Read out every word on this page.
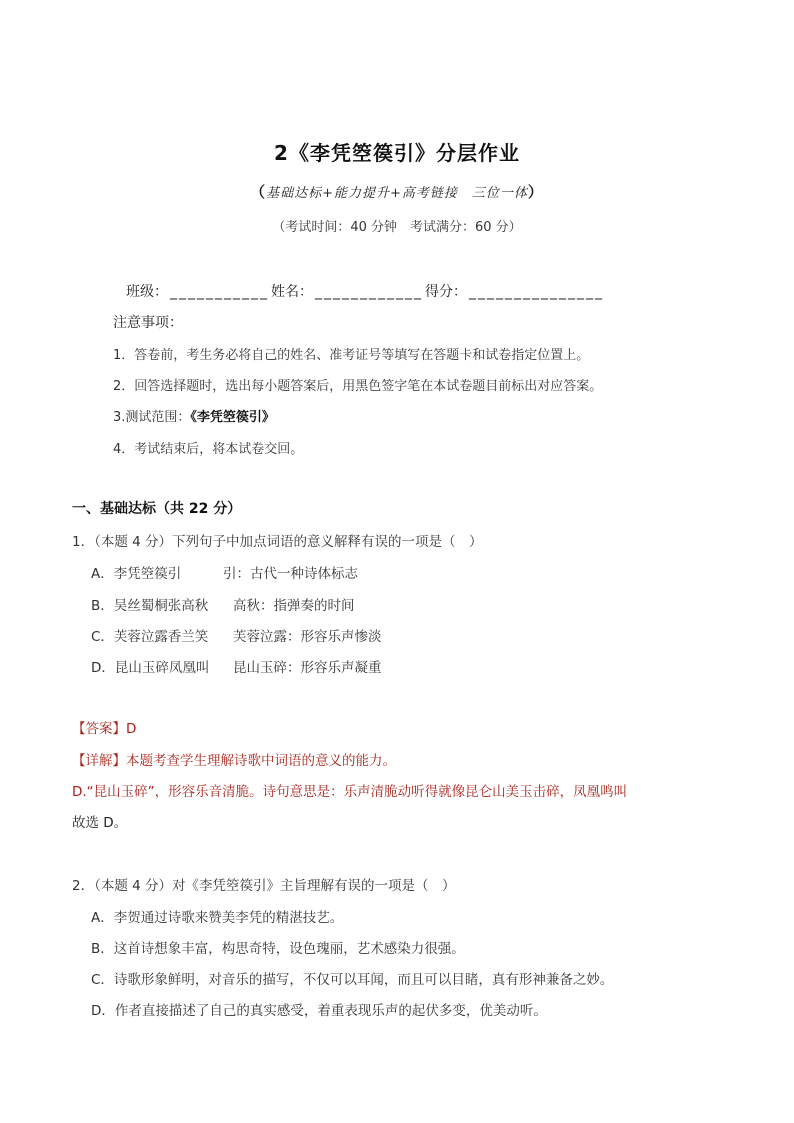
2《李凭箜篌引》分层作业
（基础达标+能力提升+高考链接　三位一体）
（考试时间：40 分钟　考试满分：60 分）
班级： ___________ 姓名： ____________ 得分： _______________
注意事项：
1．答卷前，考生务必将自己的姓名、准考证号等填写在答题卡和试卷指定位置上。
2．回答选择题时，选出每小题答案后，用黑色签字笔在本试卷题目前标出对应答案。
3.测试范围：《李凭箜篌引》
4．考试结束后，将本试卷交回。
一、基础达标（共 22 分）
1．（本题 4 分）下列句子中加点词语的意义解释有误的一项是（　）
A．李凭箜篌引	引：古代一种诗体标志
B．吴丝蜀桐张高秋 高秋：指弹奏的时间
C．芙蓉泣露香兰笑 芙蓉泣露：形容乐声惨淡
D．昆山玉碎凤凰叫 昆山玉碎：形容乐声凝重
【答案】D
【详解】本题考查学生理解诗歌中词语的意义的能力。
D.“昆山玉碎”，形容乐音清脆。诗句意思是：乐声清脆动听得就像昆仑山美玉击碎，凤凰鸣叫
故选 D。
2．（本题 4 分）对《李凭箜篌引》主旨理解有误的一项是（　）
A．李贺通过诗歌来赞美李凭的精湛技艺。
B．这首诗想象丰富，构思奇特，设色瑰丽，艺术感染力很强。
C．诗歌形象鲜明，对音乐的描写，不仅可以耳闻，而且可以目睹，真有形神兼备之妙。
D．作者直接描述了自己的真实感受，着重表现乐声的起伏多变，优美动听。
